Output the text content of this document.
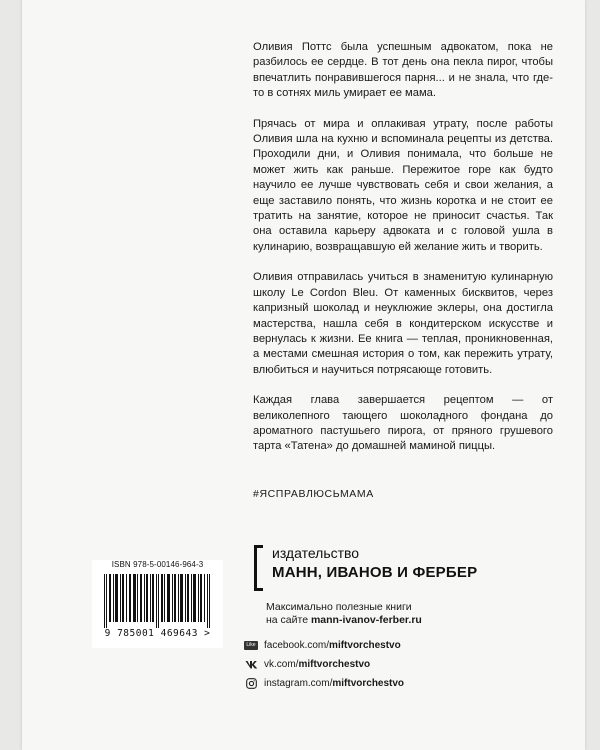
Оливия Поттс была успешным адвокатом, пока не разбилось ее сердце. В тот день она пекла пирог, чтобы впечатлить понравившегося парня... и не знала, что где-то в сотнях миль умирает ее мама.

Прячась от мира и оплакивая утрату, после работы Оливия шла на кухню и вспоминала рецепты из детства. Проходили дни, и Оливия понимала, что больше не может жить как раньше. Пережитое горе как будто научило ее лучше чувствовать себя и свои желания, а еще заставило понять, что жизнь коротка и не стоит ее тратить на занятие, которое не приносит счастья. Так она оставила карьеру адвоката и с головой ушла в кулинарию, возвращавшую ей желание жить и творить.

Оливия отправилась учиться в знаменитую кулинарную школу Le Cordon Bleu. От каменных бисквитов, через капризный шоколад и неуклюжие эклеры, она достигла мастерства, нашла себя в кондитерском искусстве и вернулась к жизни. Ее книга — теплая, проникновенная, а местами смешная история о том, как пережить утрату, влюбиться и научиться потрясающе готовить.

Каждая глава завершается рецептом — от великолепного тающего шоколадного фондана до ароматного пастушьего пирога, от пряного грушевого тарта «Татена» до домашней маминой пиццы.

#ЯСПРАВЛЮСЬМАМА
ISBN 978-5-00146-964-3
9 785001 469643 >
издательство
МАНН, ИВАНОВ И ФЕРБЕР
Максимально полезные книги
на сайте mann-ivanov-ferber.ru
Like facebook.com/ miftvorchestvo
vk.com/ miftvorchestvo
instagram.com/ miftvorchestvo
